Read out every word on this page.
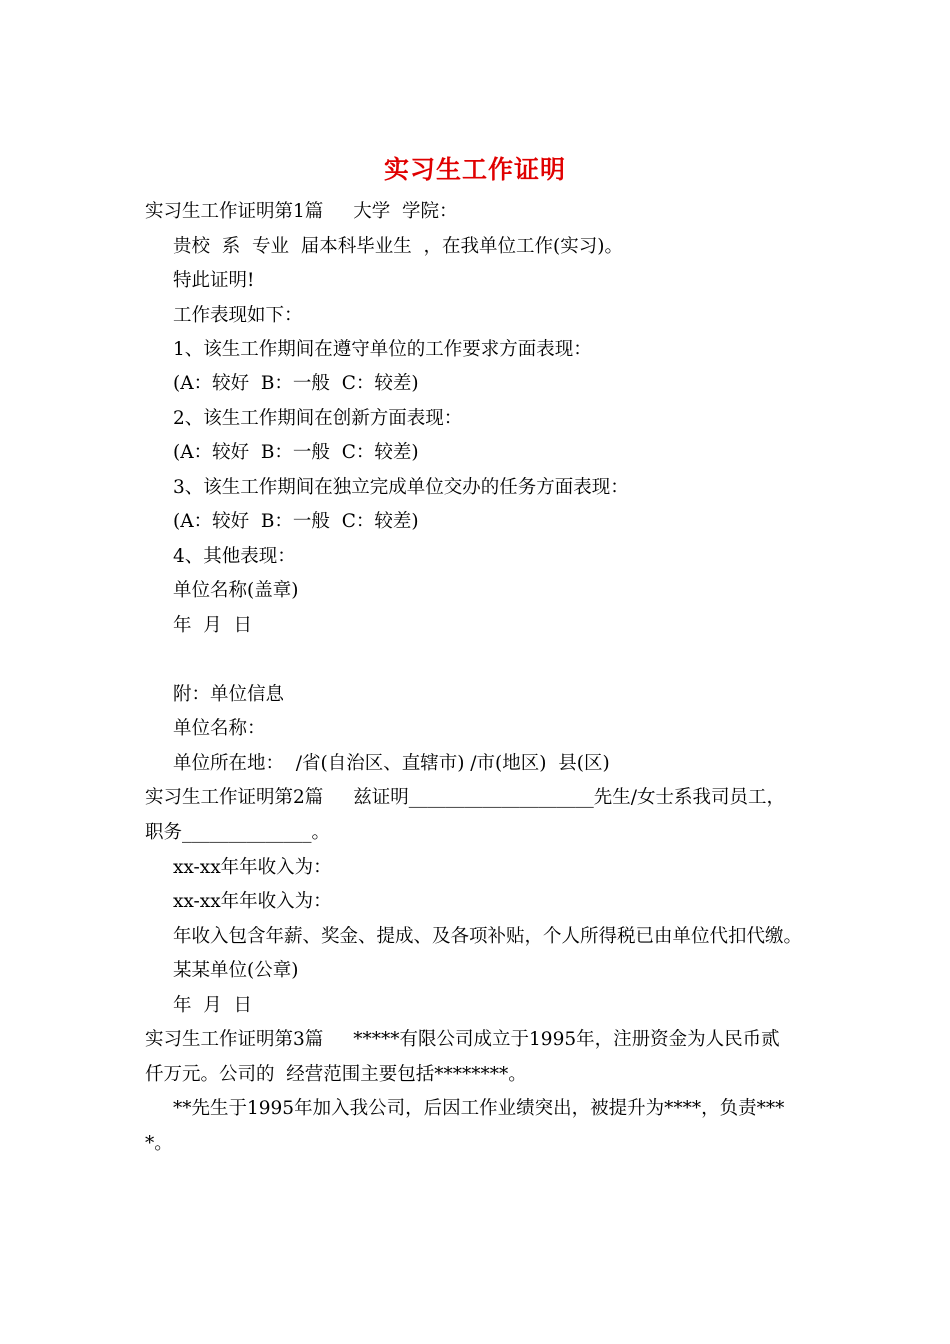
实习生工作证明
实习生工作证明第1篇 大学  学院：
贵校  系  专业  届本科毕业生  ，在我单位工作(实习)。
特此证明!
工作表现如下：
1、该生工作期间在遵守单位的工作要求方面表现：
(A：较好  B：一般  C：较差)
2、该生工作期间在创新方面表现：
(A：较好  B：一般  C：较差)
3、该生工作期间在独立完成单位交办的任务方面表现：
(A：较好  B：一般  C：较差)
4、其他表现：
单位名称(盖章)
年  月  日
附：单位信息
单位名称：
单位所在地：  /省(自治区、直辖市) /市(地区)  县(区)
实习生工作证明第2篇 兹证明____________________先生/女士系我司员工，
职务______________。
xx-xx年年收入为：
xx-xx年年收入为：
年收入包含年薪、奖金、提成、及各项补贴，个人所得税已由单位代扣代缴。
某某单位(公章)
年  月  日
实习生工作证明第3篇 *****有限公司成立于1995年，注册资金为人民币贰
仟万元。公司的  经营范围主要包括********。
**先生于1995年加入我公司，后因工作业绩突出，被提升为****，负责***
*。
